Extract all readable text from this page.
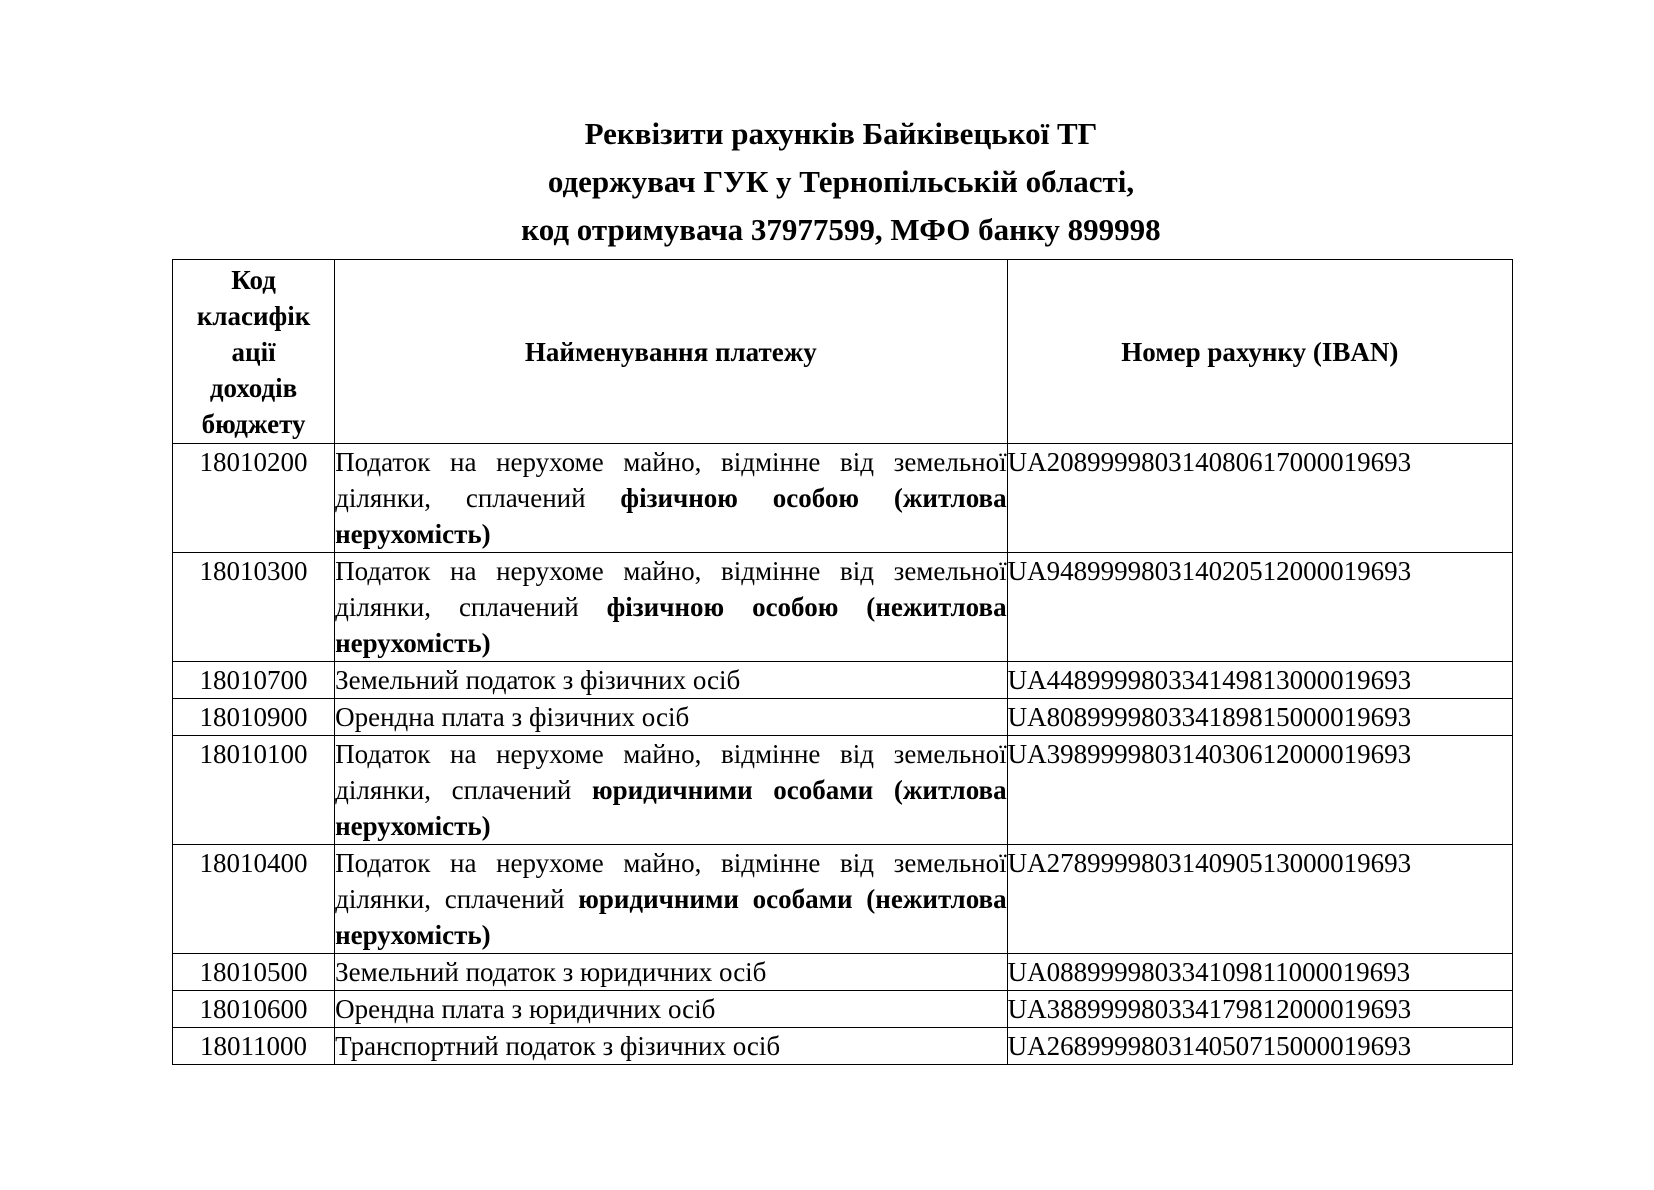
Реквізити рахунків Байківецької ТГ
одержувач ГУК у Тернопільській області,
код отримувача 37977599, МФО банку 899998
Код
класифік
ації
доходів
бюджету	Найменування платежу	Номер рахунку (IBAN)
18010200	Податок на нерухоме майно, відмінне від земельної ділянки, сплачений фізичною особою (житлова нерухомість)	UA208999980314080617000019693
18010300	Податок на нерухоме майно, відмінне від земельної ділянки, сплачений фізичною особою (нежитлова нерухомість)	UA948999980314020512000019693
18010700	Земельний податок з фізичних осіб	UA448999980334149813000019693
18010900	Орендна плата з фізичних осіб	UA808999980334189815000019693
18010100	Податок на нерухоме майно, відмінне від земельної ділянки, сплачений юридичними особами (житлова нерухомість)	UA398999980314030612000019693
18010400	Податок на нерухоме майно, відмінне від земельної ділянки, сплачений юридичними особами (нежитлова нерухомість)	UA278999980314090513000019693
18010500	Земельний податок з юридичних осіб	UA088999980334109811000019693
18010600	Орендна плата з юридичних осіб	UA388999980334179812000019693
18011000	Транспортний податок з фізичних осіб	UA268999980314050715000019693
